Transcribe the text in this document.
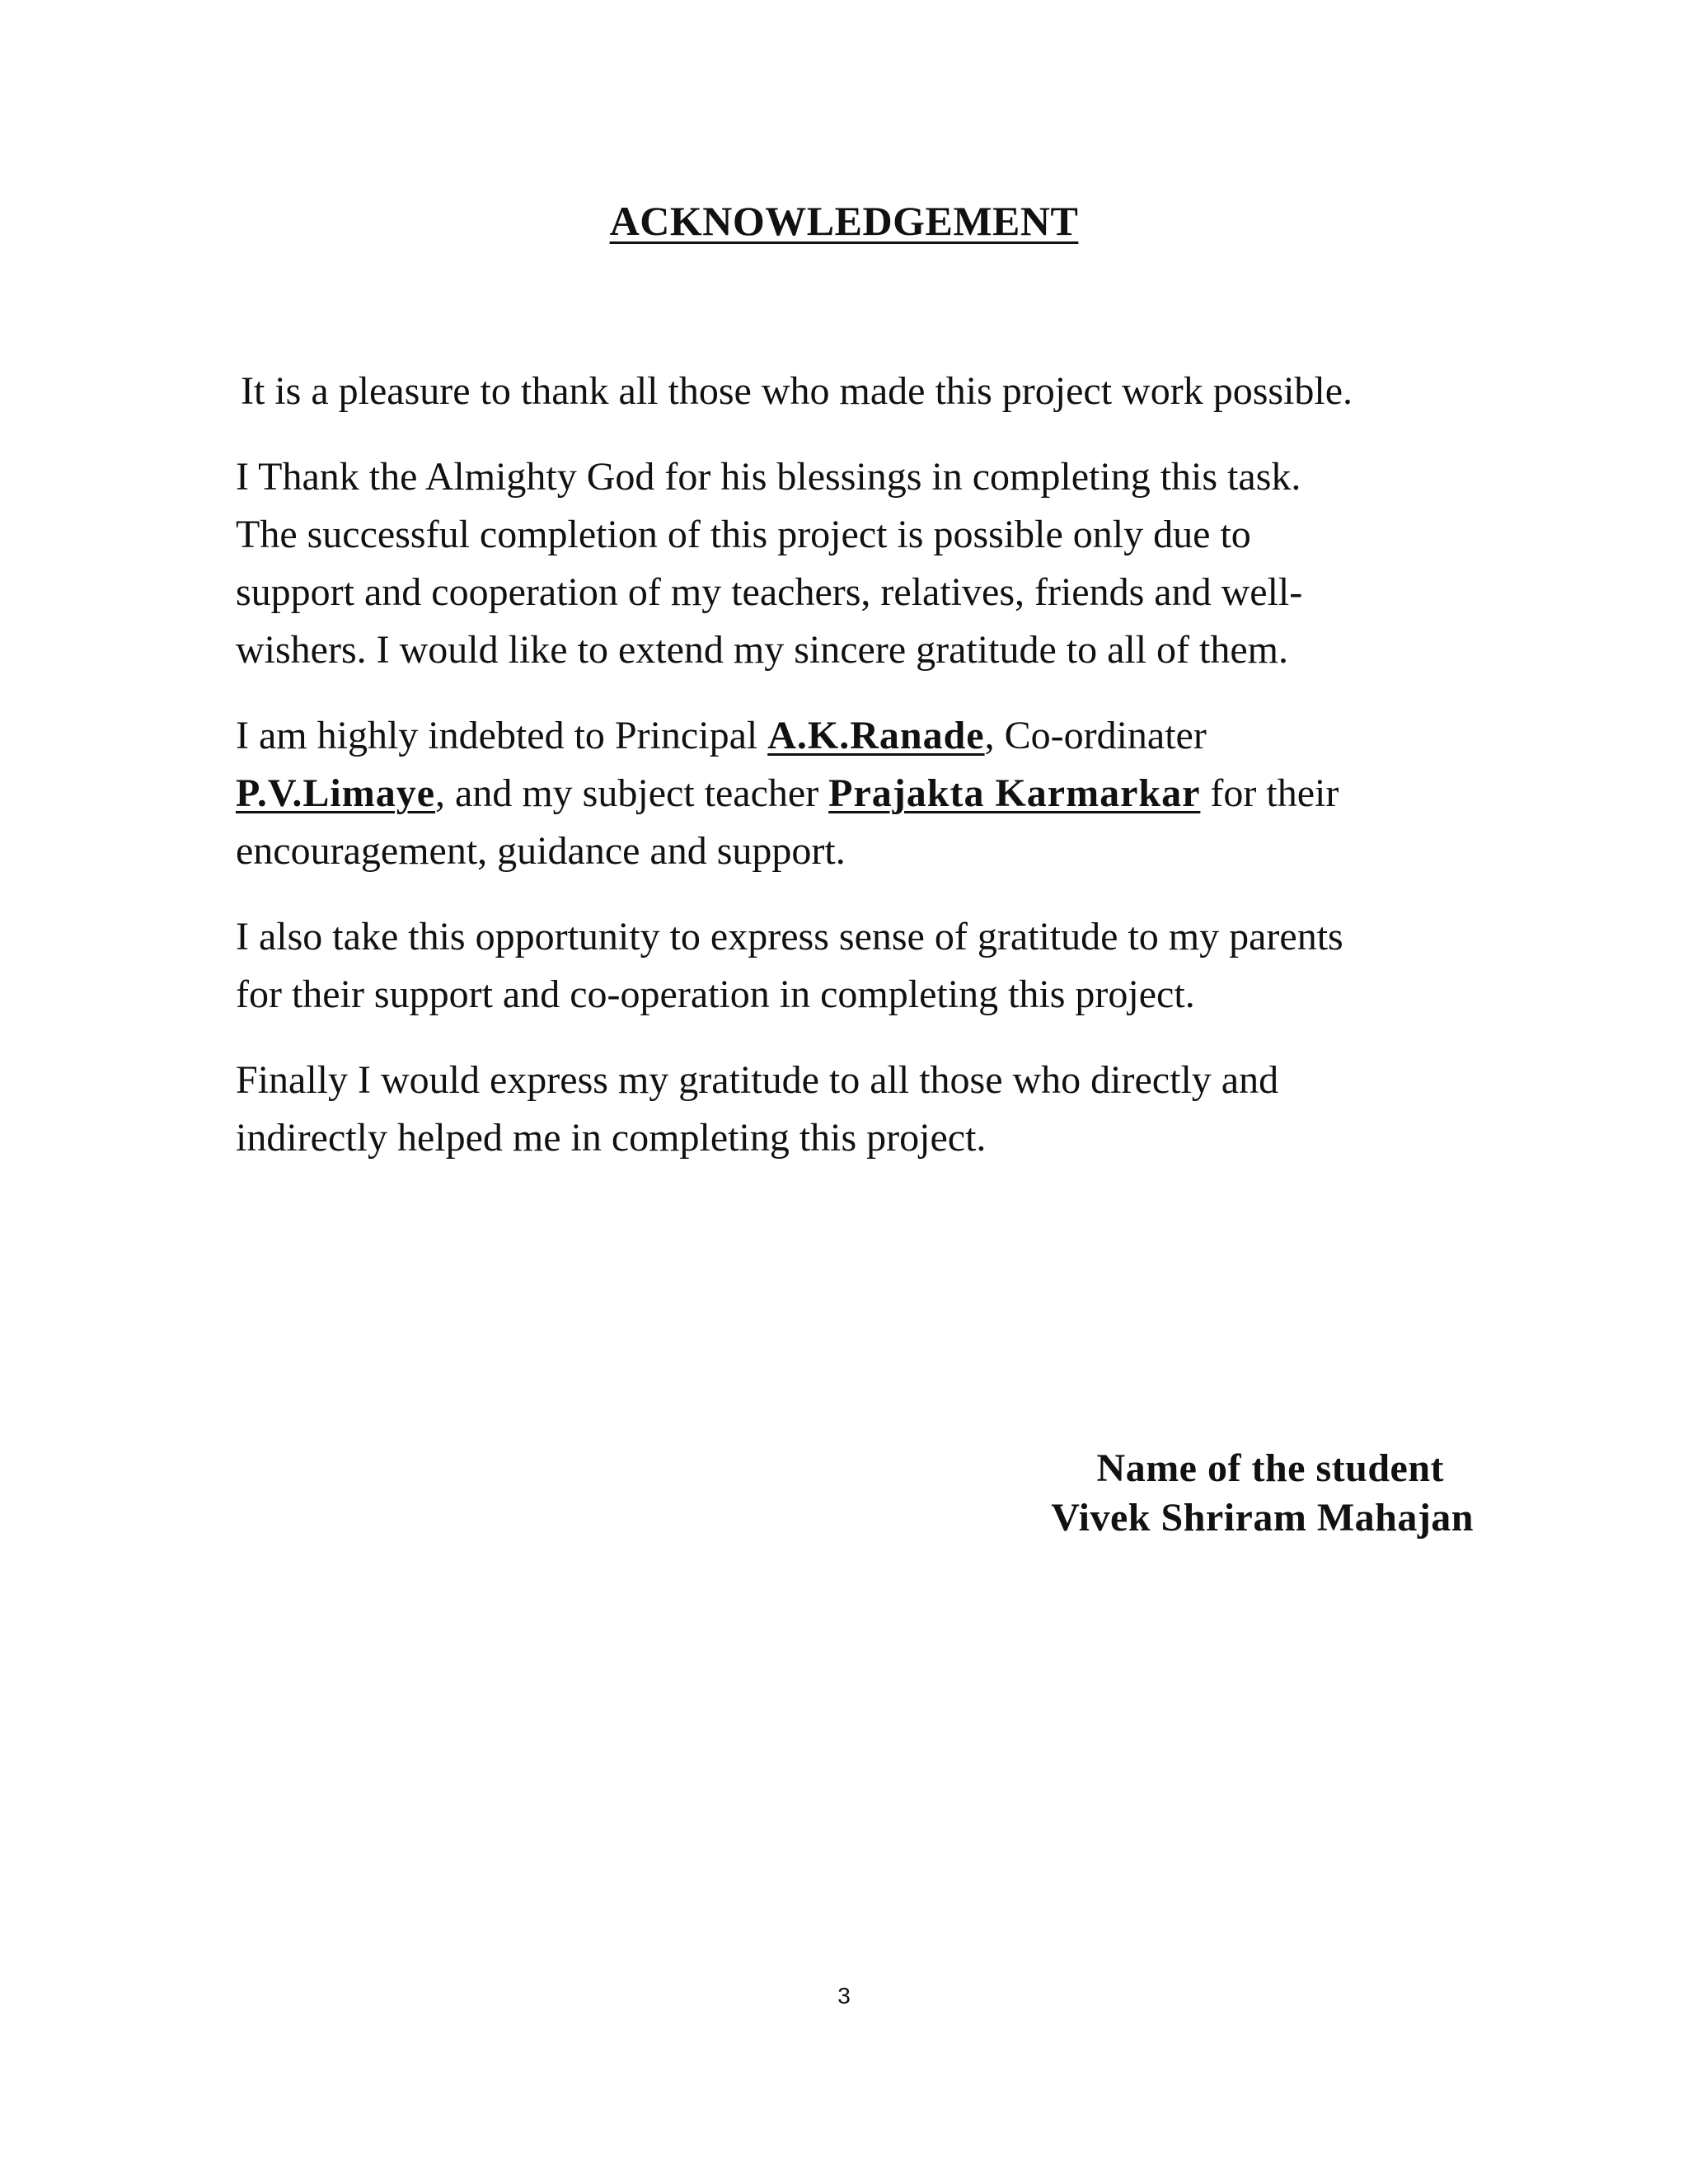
ACKNOWLEDGEMENT

It is a pleasure to thank all those who made this project work possible.

I Thank the Almighty God for his blessings in completing this task.
The successful completion of this project is possible only due to
support and cooperation of my teachers, relatives, friends and well-
wishers. I would like to extend my sincere gratitude to all of them.

I am highly indebted to Principal A.K.Ranade, Co-ordinater
P.V.Limaye, and my subject teacher Prajakta Karmarkar for their
encouragement, guidance and support.

I also take this opportunity to express sense of gratitude to my parents
for their support and co-operation in completing this project.

Finally I would express my gratitude to all those who directly and
indirectly helped me in completing this project.

Name of the student
Vivek Shriram Mahajan
3
